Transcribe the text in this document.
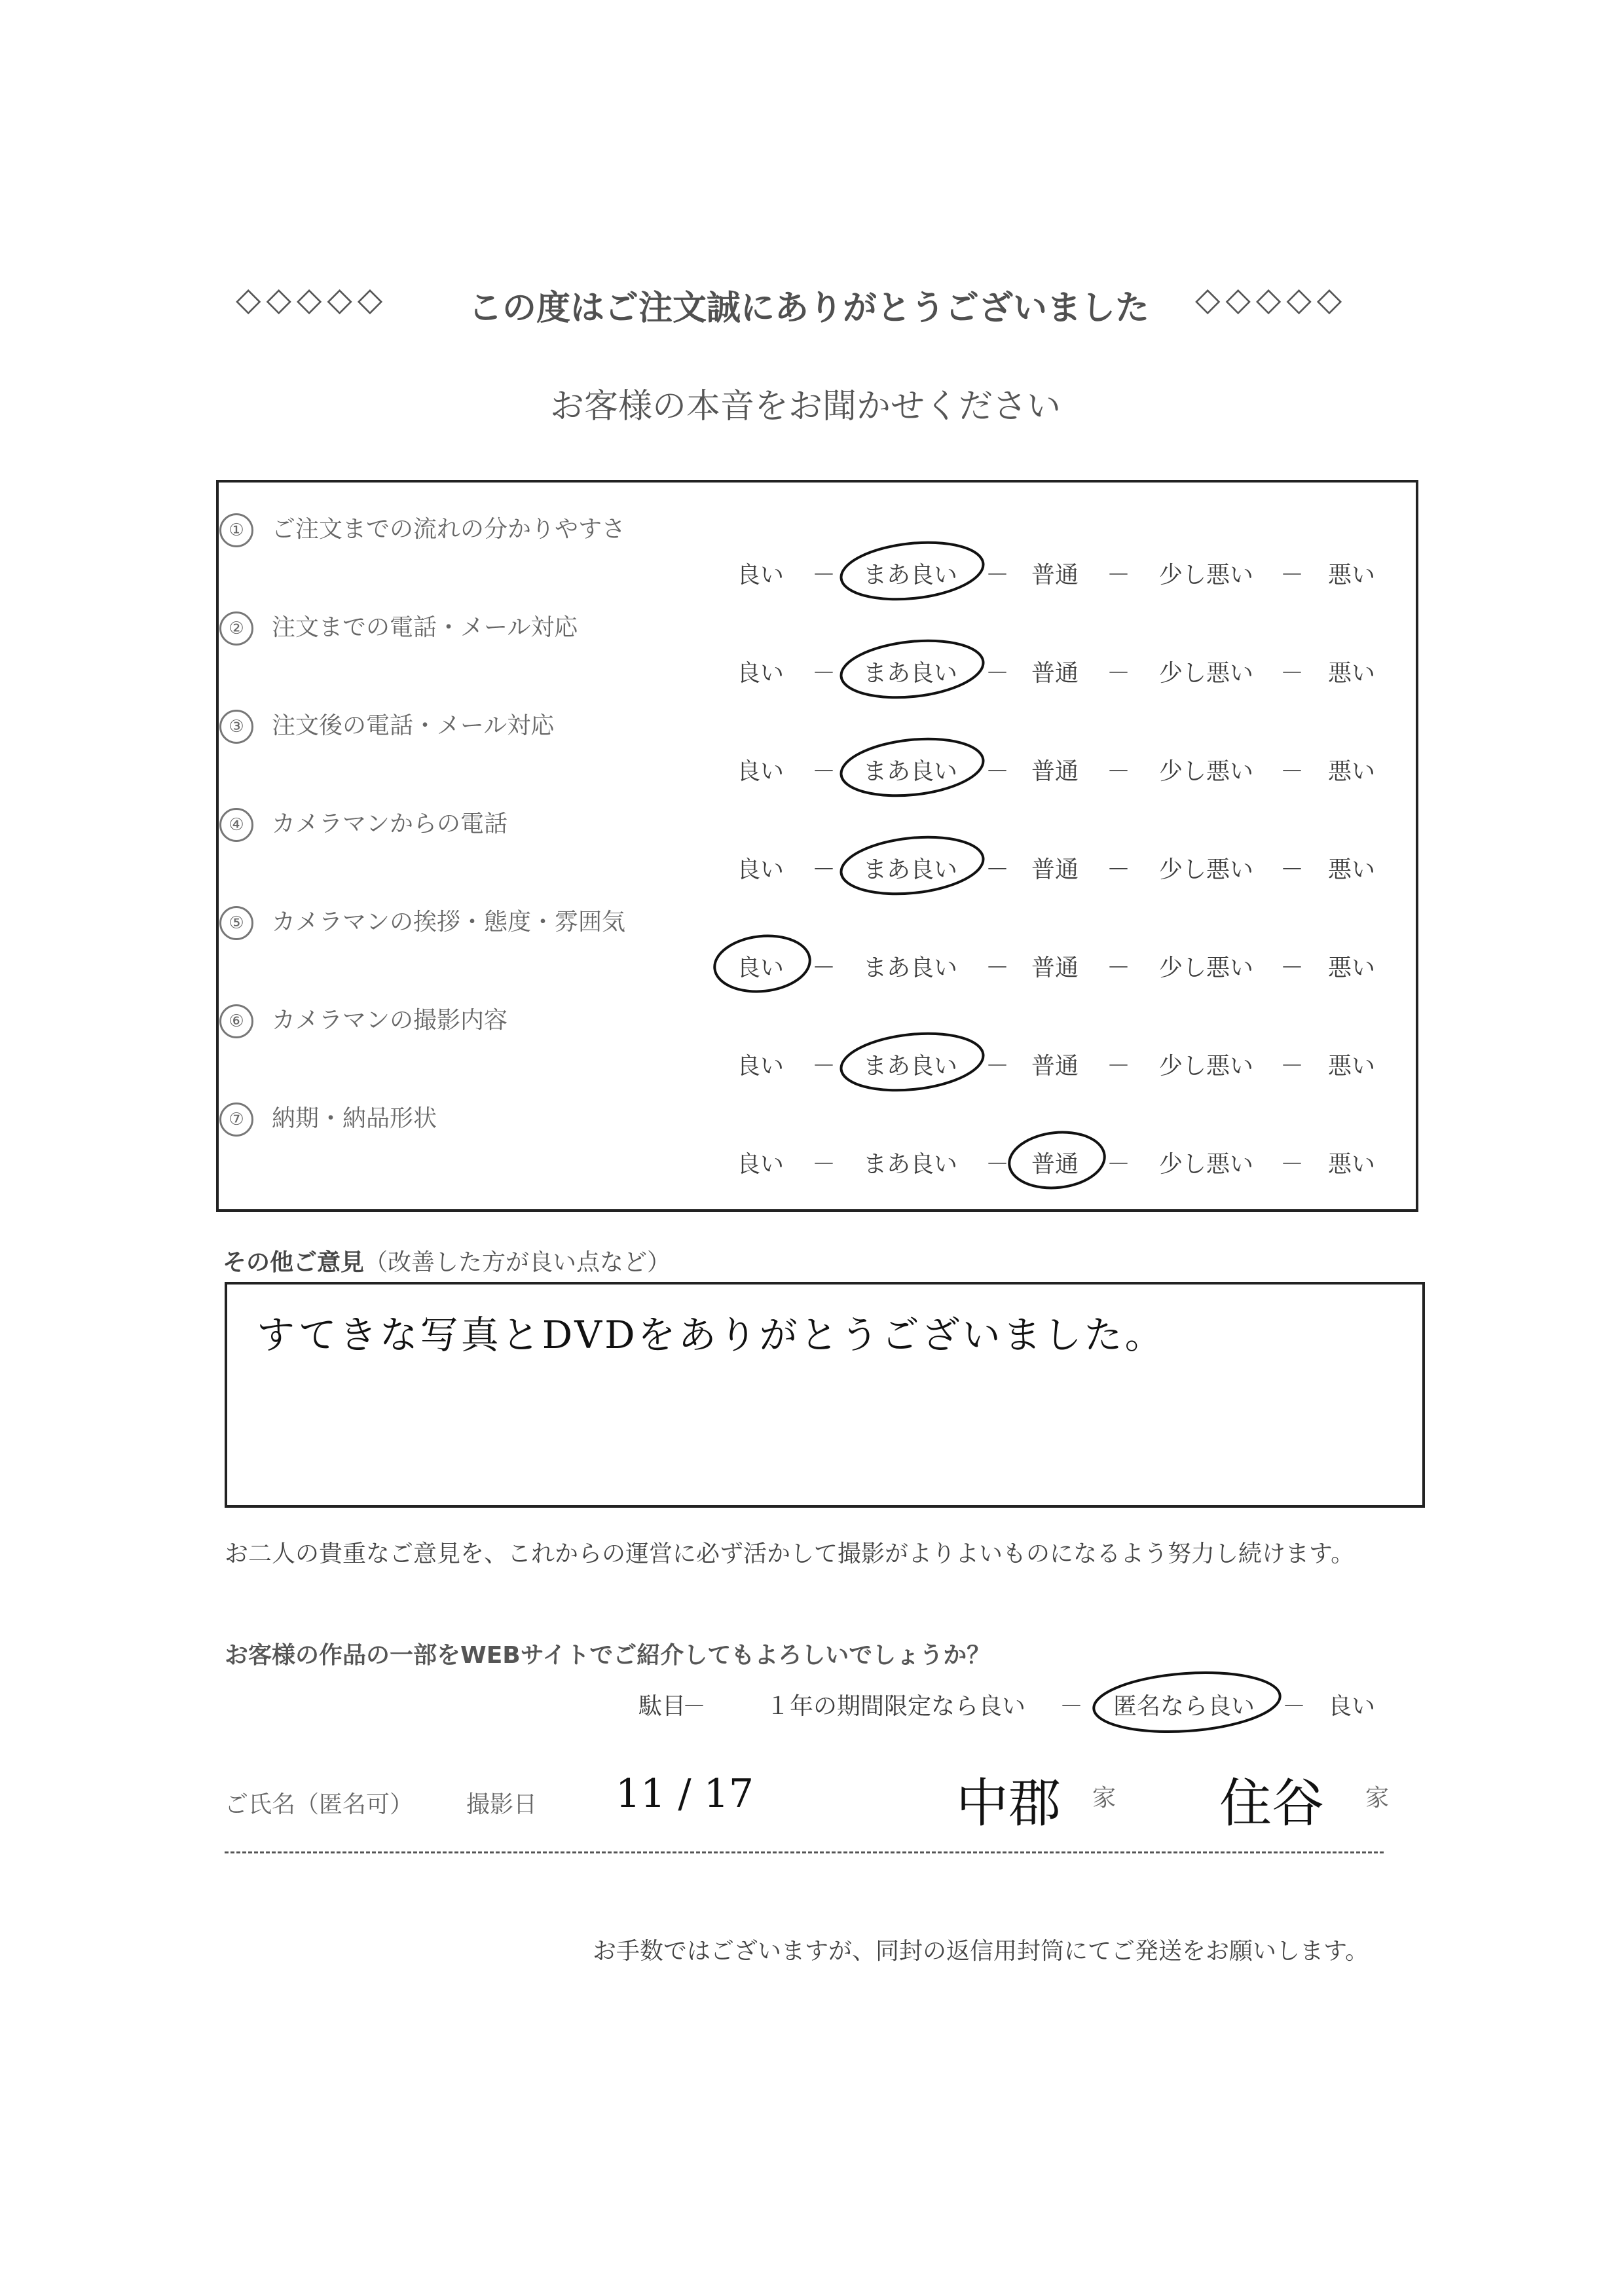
◇◇◇◇◇ この度はご注文誠にありがとうございました ◇◇◇◇◇
お客様の本音をお聞かせください
① ご注文までの流れの分かりやすさ
良い	まあ良い	普通	少し悪い	悪い
－	－	－	－
② 注文までの電話・メール対応
良い	まあ良い	普通	少し悪い	悪い
－	－	－	－
③ 注文後の電話・メール対応
良い	まあ良い	普通	少し悪い	悪い
－	－	－	－
④ カメラマンからの電話
良い	まあ良い	普通	少し悪い	悪い
－	－	－	－
⑤ カメラマンの挨拶・態度・雰囲気
良い	まあ良い	普通	少し悪い	悪い
－	－	－	－
⑥ カメラマンの撮影内容
良い	まあ良い	普通	少し悪い	悪い
－	－	－	－
⑦ 納期・納品形状
良い	まあ良い	普通	少し悪い	悪い
－	－	－	－
その他ご意見（改善した方が良い点など）
すてきな写真とDVDをありがとうございました。
お二人の貴重なご意見を、これからの運営に必ず活かして撮影がよりよいものになるよう努力し続けます。
お客様の作品の一部をWEBサイトでご紹介してもよろしいでしょうか？
駄目
－	１年の期間限定なら良い － 匿名なら良い － 良い
ご氏名（匿名可） 撮影日 11 / 17	中郡 家 住谷 家
お手数ではございますが、同封の返信用封筒にてご発送をお願いします。
